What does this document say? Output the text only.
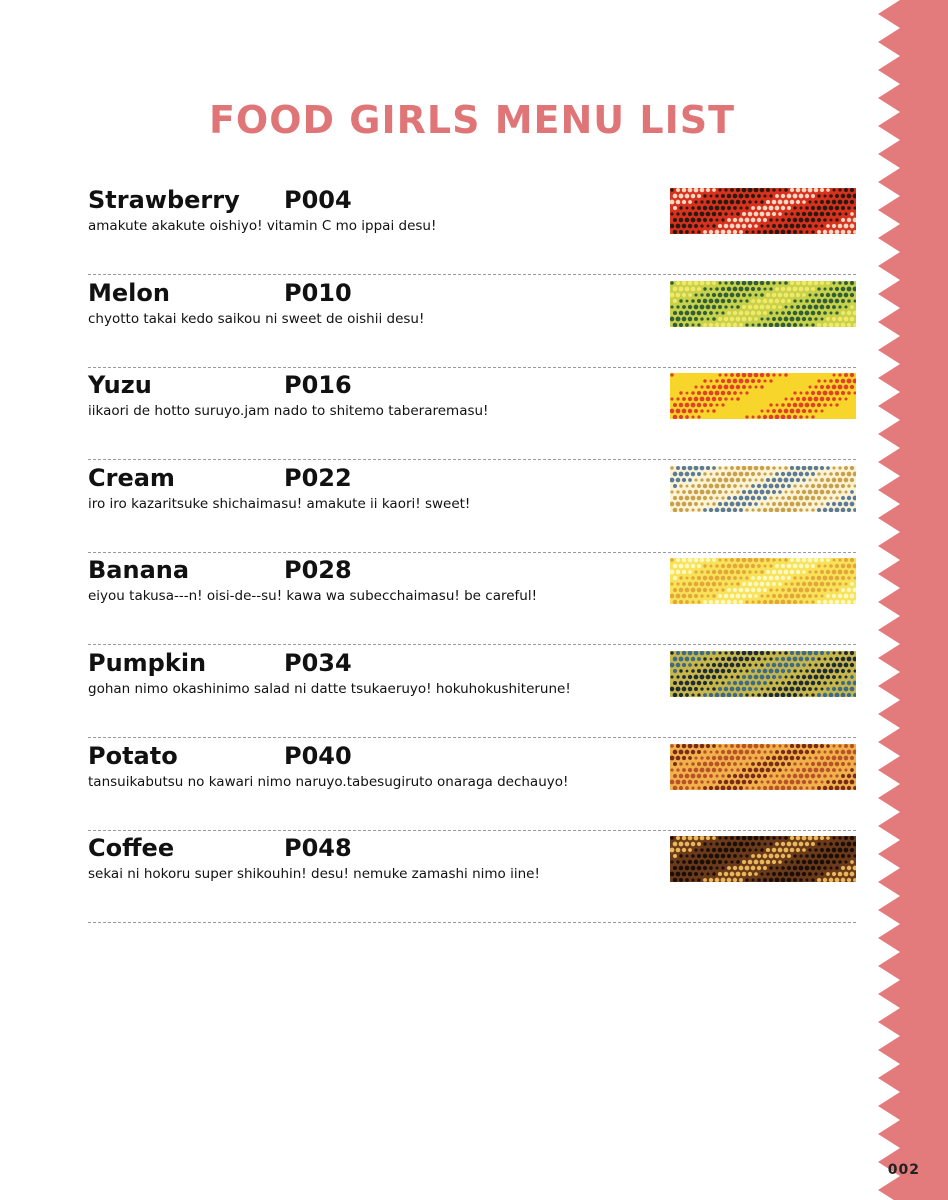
FOOD GIRLS MENU LIST
Strawberry P004
amakute akakute oishiyo! vitamin C mo ippai desu!
Melon	P010
chyotto takai kedo saikou ni sweet de oishii desu!
Yuzu	P016
iikaori de hotto suruyo.jam nado to shitemo taberaremasu!
Cream	P022
iro iro kazaritsuke shichaimasu! amakute ii kaori! sweet!
Banana	P028
eiyou takusa---n! oisi-de--su! kawa wa subecchaimasu! be careful!
Pumpkin	P034
gohan nimo okashinimo salad ni datte tsukaeruyo! hokuhokushiterune!
Potato	P040
tansuikabutsu no kawari nimo naruyo.tabesugiruto onaraga dechauyo!
Coffee	P048
sekai ni hokoru super shikouhin! desu! nemuke zamashi nimo iine!
002
